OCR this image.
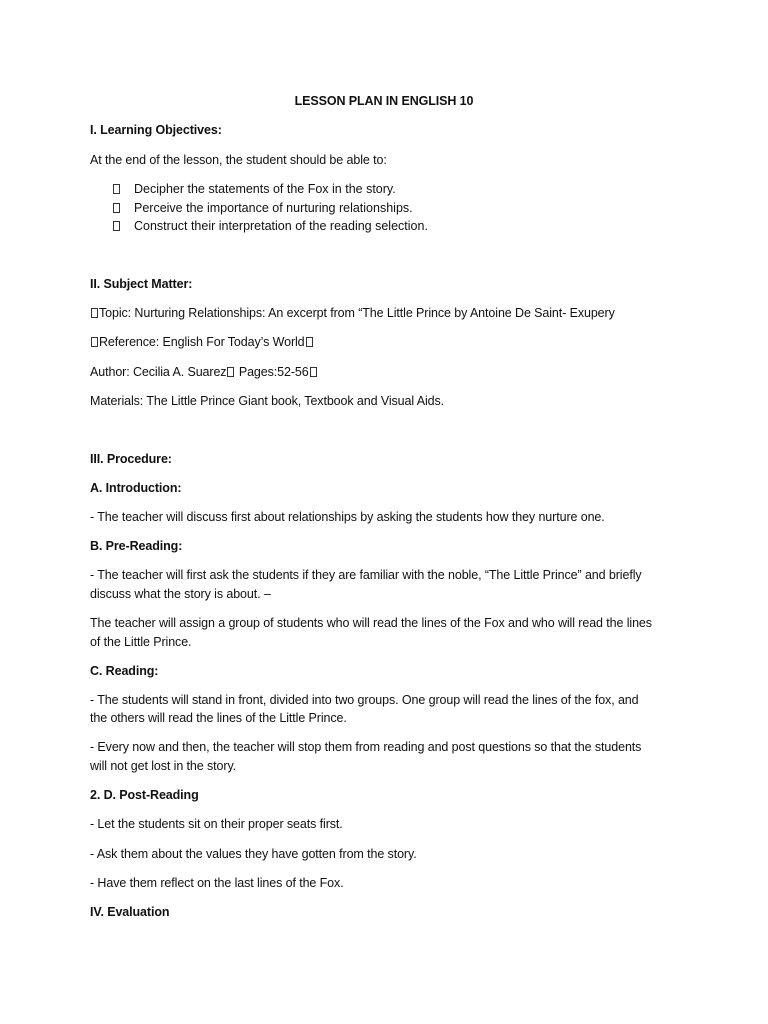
LESSON PLAN IN ENGLISH 10
I. Learning Objectives:
At the end of the lesson, the student should be able to:
Decipher the statements of the Fox in the story.
Perceive the importance of nurturing relationships.
Construct their interpretation of the reading selection.
II. Subject Matter:
Topic: Nurturing Relationships: An excerpt from “The Little Prince by Antoine De Saint- Exupery
Reference: English For Today’s World
Author: Cecilia A. Suarez Pages:52-56
Materials: The Little Prince Giant book, Textbook and Visual Aids.
III. Procedure:
A. Introduction:
- The teacher will discuss first about relationships by asking the students how they nurture one.
B. Pre-Reading:
- The teacher will first ask the students if they are familiar with the noble, “The Little Prince” and briefly
discuss what the story is about. –
The teacher will assign a group of students who will read the lines of the Fox and who will read the lines
of the Little Prince.
C. Reading:
- The students will stand in front, divided into two groups. One group will read the lines of the fox, and
the others will read the lines of the Little Prince.
- Every now and then, the teacher will stop them from reading and post questions so that the students
will not get lost in the story.
2. D. Post-Reading
- Let the students sit on their proper seats first.
- Ask them about the values they have gotten from the story.
- Have them reflect on the last lines of the Fox.
IV. Evaluation
